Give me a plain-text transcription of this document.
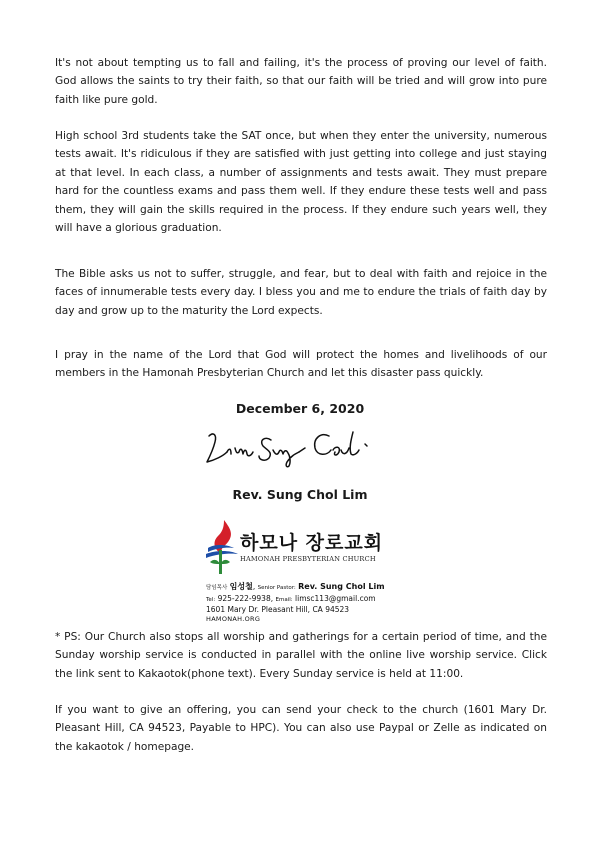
It's not about tempting us to fall and failing, it's the process of proving our level of faith. God allows the saints to try their faith, so that our faith will be tried and will grow into pure faith like pure gold.

High school 3rd students take the SAT once, but when they enter the university, numerous tests await. It's ridiculous if they are satisfied with just getting into college and just staying at that level. In each class, a number of assignments and tests await. They must prepare hard for the countless exams and pass them well. If they endure these tests well and pass them, they will gain the skills required in the process. If they endure such years well, they will have a glorious graduation.

The Bible asks us not to suffer, struggle, and fear, but to deal with faith and rejoice in the faces of innumerable tests every day. I bless you and me to endure the trials of faith day by day and grow up to the maturity the Lord expects.

I pray in the name of the Lord that God will protect the homes and livelihoods of our members in the Hamonah Presbyterian Church and let this disaster pass quickly.

December 6, 2020
Rev. Sung Chol Lim
하모나 장로교회
HAMONAH PRESBYTERIAN CHURCH
담임목사 임성철, Senior Pastor: Rev. Sung Chol Lim
Tel: 925-222-9938, Email: limsc113@gmail.com
1601 Mary Dr. Pleasant Hill, CA 94523
HAMONAH.ORG

* PS: Our Church also stops all worship and gatherings for a certain period of time, and the Sunday worship service is conducted in parallel with the online live worship service. Click the link sent to Kakaotok(phone text). Every Sunday service is held at 11:00.

If you want to give an offering, you can send your check to the church (1601 Mary Dr. Pleasant Hill, CA 94523, Payable to HPC). You can also use Paypal or Zelle as indicated on the kakaotok / homepage.
